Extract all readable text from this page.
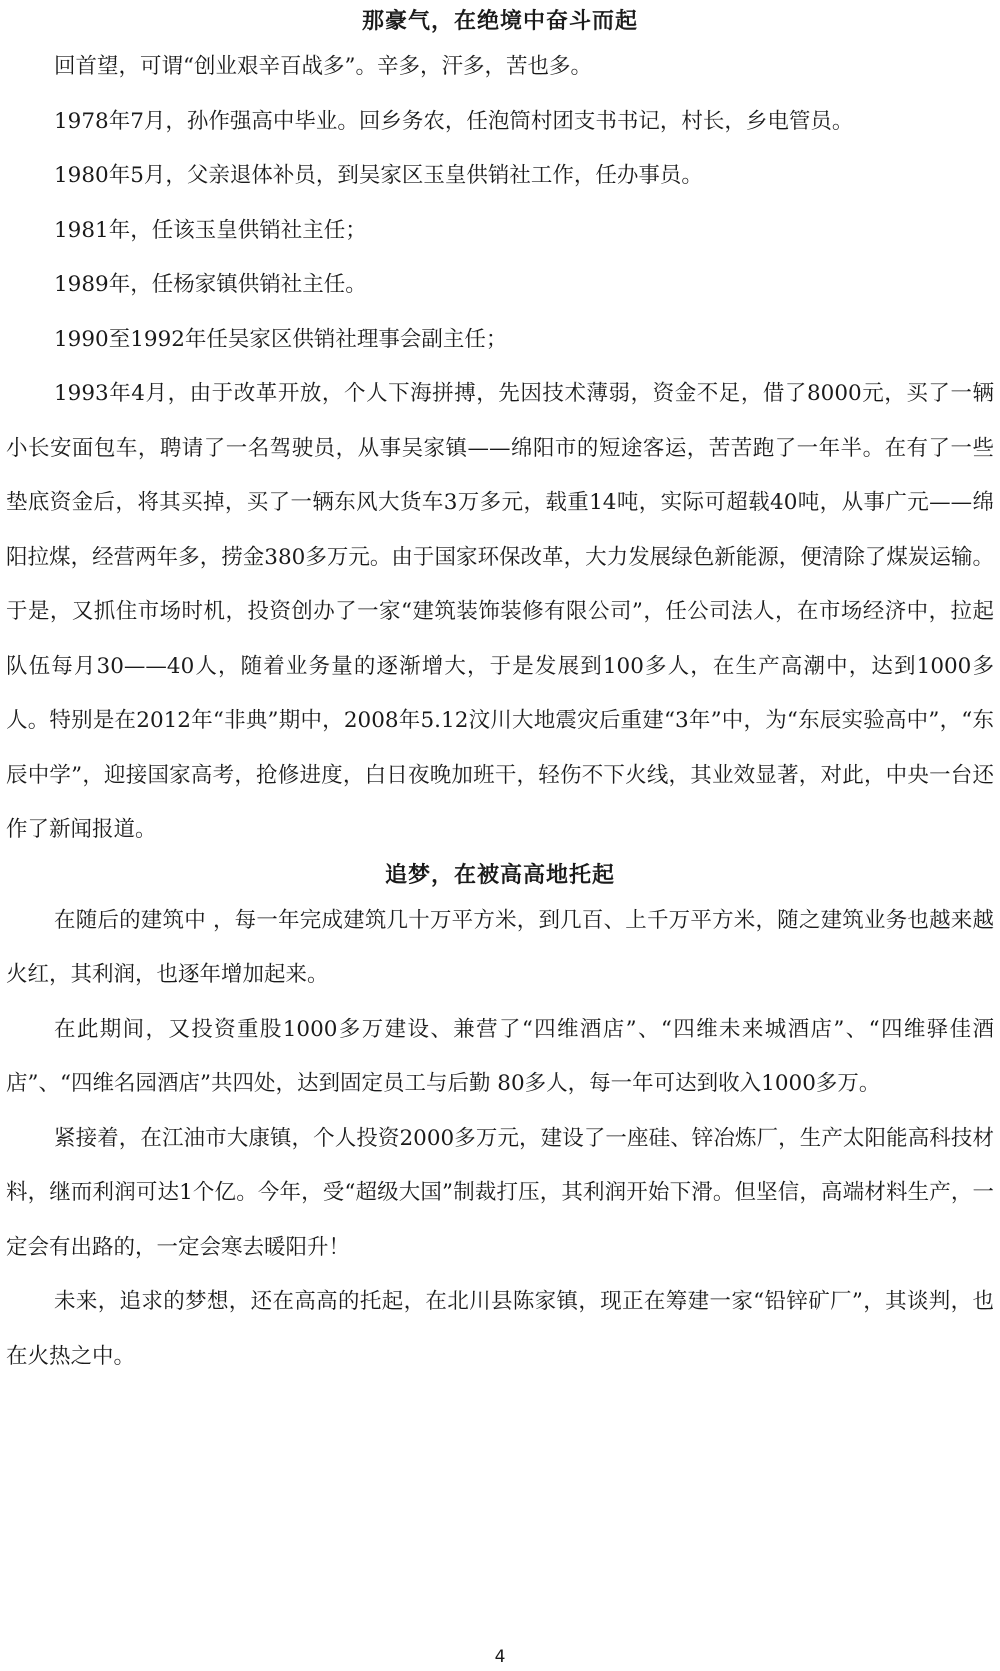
那豪气，在绝境中奋斗而起

回首望，可谓“创业艰辛百战多”。辛多，汗多，苦也多。

1978年7月，孙作强高中毕业。回乡务农，任泡筒村团支书书记，村长，乡电管员。

1980年5月，父亲退体补员，到吴家区玉皇供销社工作，任办事员。

1981年，任该玉皇供销社主任；

1989年，任杨家镇供销社主任。

1990至1992年任吴家区供销社理事会副主任；

1993年4月，由于改革开放，个人下海拼搏，先因技术薄弱，资金不足，借了8000元，买了一辆小长安面包车，聘请了一名驾驶员，从事吴家镇——绵阳市的短途客运，苦苦跑了一年半。在有了一些垫底资金后，将其买掉，买了一辆东风大货车3万多元，载重14吨，实际可超载40吨，从事广元——绵阳拉煤，经营两年多，捞金380多万元。由于国家环保改革，大力发展绿色新能源，便清除了煤炭运输。于是，又抓住市场时机，投资创办了一家“建筑装饰装修有限公司”，任公司法人，在市场经济中，拉起队伍每月30——40人，随着业务量的逐渐增大，于是发展到100多人，在生产高潮中，达到1000多人。特别是在2012年“非典”期中，2008年5.12汶川大地震灾后重建“3年”中，为“东辰实验高中”，“东辰中学”，迎接国家高考，抢修进度，白日夜晚加班干，轻伤不下火线，其业效显著，对此，中央一台还作了新闻报道。

追梦，在被高高地托起

在随后的建筑中 ，每一年完成建筑几十万平方米，到几百、上千万平方米，随之建筑业务也越来越火红，其利润，也逐年增加起来。

在此期间，又投资重股1000多万建设、兼营了“四维酒店”、“四维未来城酒店”、“四维驿佳酒店”、“四维名园酒店”共四处，达到固定员工与后勤 80多人，每一年可达到收入1000多万。

紧接着，在江油市大康镇，个人投资2000多万元，建设了一座硅、锌冶炼厂，生产太阳能高科技材料，继而利润可达1个亿。今年，受“超级大国”制裁打压，其利润开始下滑。但坚信，高端材料生产，一定会有出路的，一定会寒去暖阳升！

未来，追求的梦想，还在高高的托起，在北川县陈家镇，现正在筹建一家“铅锌矿厂”，其谈判，也在火热之中。

4
